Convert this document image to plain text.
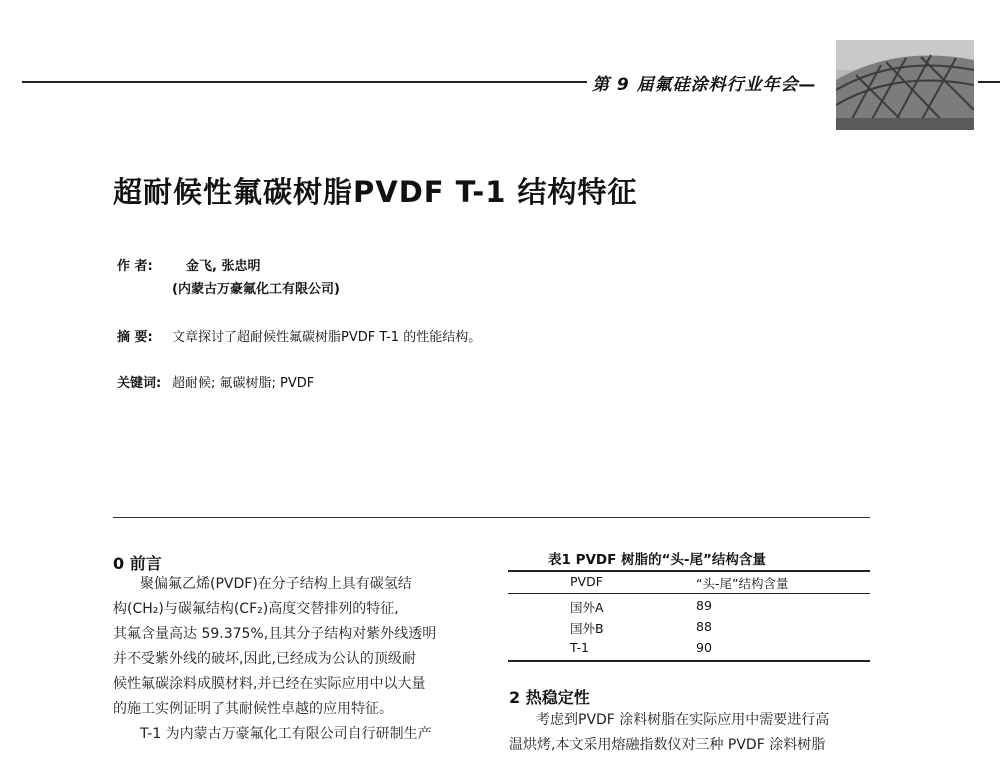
第 9 届氟硅涂料行业年会—
超耐候性氟碳树脂PVDF T-1 结构特征
作 者:	金飞, 张忠明
(内蒙古万豪氟化工有限公司)
摘 要: 文章探讨了超耐候性氟碳树脂PVDF T-1 的性能结构。
关键词: 超耐候; 氟碳树脂; PVDF
0 前言
聚偏氟乙烯(PVDF)在分子结构上具有碳氢结
构(CH₂)与碳氟结构(CF₂)高度交替排列的特征,
其氟含量高达 59.375%,且其分子结构对紫外线透明
并不受紫外线的破坏,因此,已经成为公认的顶级耐
候性氟碳涂料成膜材料,并已经在实际应用中以大量
的施工实例证明了其耐候性卓越的应用特征。
T-1 为内蒙古万豪氟化工有限公司自行研制生产
表1 PVDF 树脂的“头-尾”结构含量
PVDF	“头-尾”结构含量
国外A	89
国外B	88
T-1	90
2 热稳定性
考虑到PVDF 涂料树脂在实际应用中需要进行高
温烘烤,本文采用熔融指数仪对三种 PVDF 涂料树脂
